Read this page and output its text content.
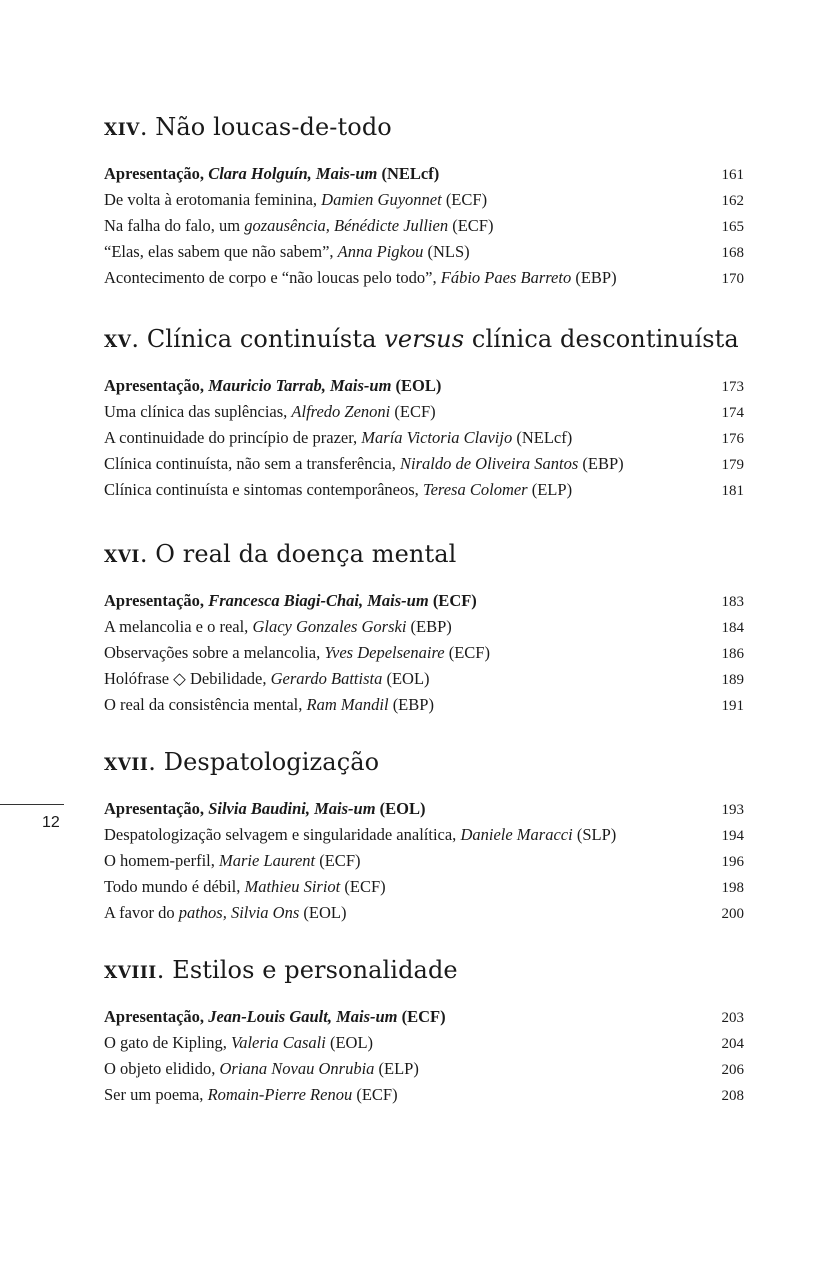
xiv. Não loucas-de-todo
Apresentação, Clara Holguín, Mais-um (NELcf)	161
De volta à erotomania feminina, Damien Guyonnet (ECF)	162
Na falha do falo, um gozausência, Bénédicte Jullien (ECF)	165
“Elas, elas sabem que não sabem”, Anna Pigkou (NLS)	168
Acontecimento de corpo e “não loucas pelo todo”, Fábio Paes Barreto (EBP)	170
xv. Clínica continuísta versus clínica descontinuísta
Apresentação, Mauricio Tarrab, Mais-um (EOL)	173
Uma clínica das suplências, Alfredo Zenoni (ECF)	174
A continuidade do princípio de prazer, María Victoria Clavijo (NELcf)	176
Clínica continuísta, não sem a transferência, Niraldo de Oliveira Santos (EBP)	179
Clínica continuísta e sintomas contemporâneos, Teresa Colomer (ELP)	181
xvi. O real da doença mental
Apresentação, Francesca Biagi-Chai, Mais-um (ECF)	183
A melancolia e o real, Glacy Gonzales Gorski (EBP)	184
Observações sobre a melancolia, Yves Depelsenaire (ECF)	186
Holófrase ◇ Debilidade, Gerardo Battista (EOL)	189
O real da consistência mental, Ram Mandil (EBP)	191
xvii. Despatologização
Apresentação, Silvia Baudini, Mais-um (EOL)	193
Despatologização selvagem e singularidade analítica, Daniele Maracci (SLP)	194
O homem-perfil, Marie Laurent (ECF)	196
Todo mundo é débil, Mathieu Siriot (ECF)	198
A favor do pathos, Silvia Ons (EOL)	200
xviii. Estilos e personalidade
Apresentação, Jean-Louis Gault, Mais-um (ECF)	203
O gato de Kipling, Valeria Casali (EOL)	204
O objeto elidido, Oriana Novau Onrubia (ELP)	206
Ser um poema, Romain-Pierre Renou (ECF)	208
12
